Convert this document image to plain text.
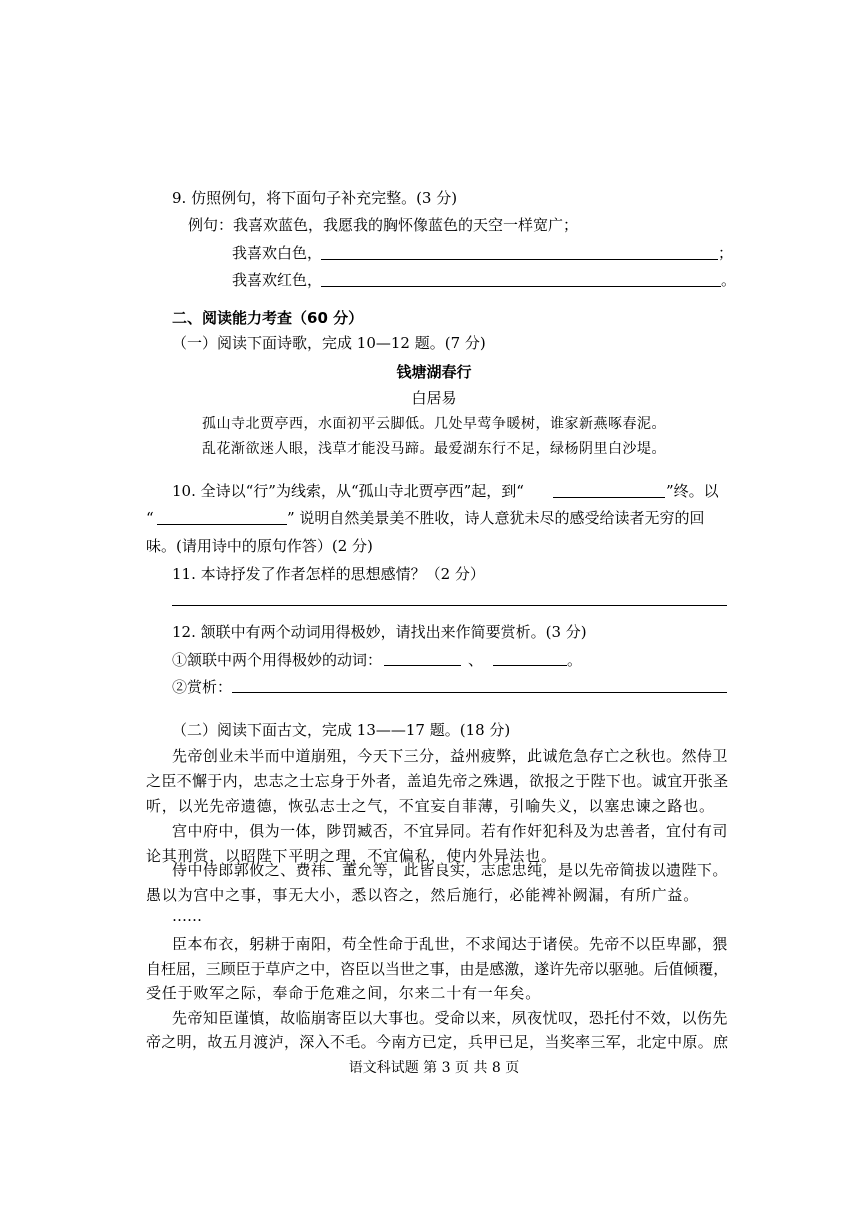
9. 仿照例句，将下面句子补充完整。(3 分)
例句：我喜欢蓝色，我愿我的胸怀像蓝色的天空一样宽广；
我喜欢白色，	；
我喜欢红色，	。
二、阅读能力考查（60 分）
（一）阅读下面诗歌，完成 10—12 题。(7 分)
钱塘湖春行
白居易
孤山寺北贾亭西，水面初平云脚低。几处早莺争暖树，谁家新燕啄春泥。
乱花渐欲迷人眼，浅草才能没马蹄。最爱湖东行不足，绿杨阴里白沙堤。
10. 全诗以“行”为线索，从“孤山寺北贾亭西”起，到“	”终。以
“	” 说明自然美景美不胜收，诗人意犹未尽的感受给读者无穷的回
味。(请用诗中的原句作答）(2 分)
11. 本诗抒发了作者怎样的思想感情？（2 分）
12. 颔联中有两个动词用得极妙，请找出来作简要赏析。(3 分)
①颔联中两个用得极妙的动词：	、	。
②赏析：
（二）阅读下面古文，完成 13——17 题。(18 分)
先帝创业未半而中道崩殂，今天下三分，益州疲弊，此诚危急存亡之秋也。然侍卫
之臣不懈于内，忠志之士忘身于外者，盖追先帝之殊遇，欲报之于陛下也。诚宜开张圣
听，以光先帝遗德，恢弘志士之气，不宜妄自菲薄，引喻失义，以塞忠谏之路也。
宫中府中，俱为一体，陟罚臧否，不宜异同。若有作奸犯科及为忠善者，宜付有司
论其刑赏，以昭陛下平明之理，不宜偏私，使内外异法也。
侍中侍郎郭攸之、费祎、董允等，此皆良实，志虑忠纯，是以先帝简拔以遗陛下。
愚以为宫中之事，事无大小，悉以咨之，然后施行，必能裨补阙漏，有所广益。
……
臣本布衣，躬耕于南阳，苟全性命于乱世，不求闻达于诸侯。先帝不以臣卑鄙，猥
自枉屈，三顾臣于草庐之中，咨臣以当世之事，由是感激，遂许先帝以驱驰。后值倾覆，
受任于败军之际，奉命于危难之间，尔来二十有一年矣。
先帝知臣谨慎，故临崩寄臣以大事也。受命以来，夙夜忧叹，恐托付不效，以伤先
帝之明，故五月渡泸，深入不毛。今南方已定，兵甲已足，当奖率三军，北定中原。庶
语文科试题 第 3 页 共 8 页
